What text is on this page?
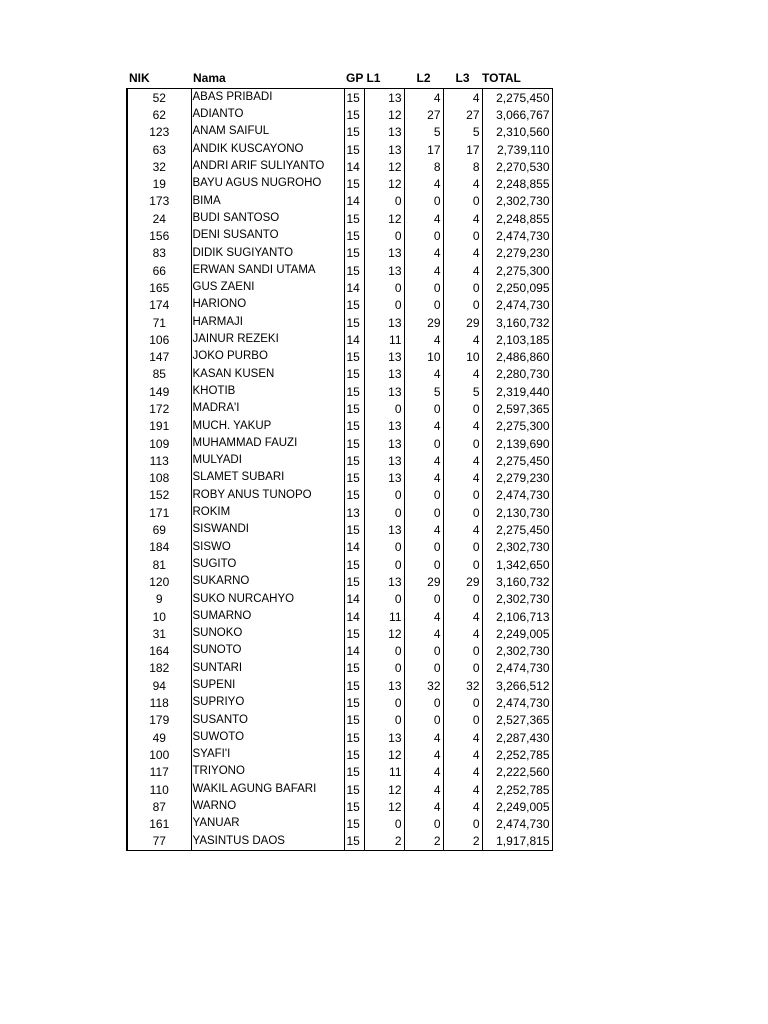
NIK	Nama	GP L1		L2	L3	TOTAL
52	ABAS PRIBADI	15	13	4	4	2,275,450
62	ADIANTO	15	12	27	27	3,066,767
123	ANAM SAIFUL	15	13	5	5	2,310,560
63	ANDIK KUSCAYONO	15	13	17	17	2,739,110
32	ANDRI ARIF SULIYANTO	14	12	8	8	2,270,530
19	BAYU AGUS NUGROHO	15	12	4	4	2,248,855
173	BIMA	14	0	0	0	2,302,730
24	BUDI SANTOSO	15	12	4	4	2,248,855
156	DENI SUSANTO	15	0	0	0	2,474,730
83	DIDIK SUGIYANTO	15	13	4	4	2,279,230
66	ERWAN SANDI UTAMA	15	13	4	4	2,275,300
165	GUS ZAENI	14	0	0	0	2,250,095
174	HARIONO	15	0	0	0	2,474,730
71	HARMAJI	15	13	29	29	3,160,732
106	JAINUR REZEKI	14	11	4	4	2,103,185
147	JOKO PURBO	15	13	10	10	2,486,860
85	KASAN KUSEN	15	13	4	4	2,280,730
149	KHOTIB	15	13	5	5	2,319,440
172	MADRA'I	15	0	0	0	2,597,365
191	MUCH. YAKUP	15	13	4	4	2,275,300
109	MUHAMMAD FAUZI	15	13	0	0	2,139,690
113	MULYADI	15	13	4	4	2,275,450
108	SLAMET SUBARI	15	13	4	4	2,279,230
152	ROBY ANUS TUNOPO	15	0	0	0	2,474,730
171	ROKIM	13	0	0	0	2,130,730
69	SISWANDI	15	13	4	4	2,275,450
184	SISWO	14	0	0	0	2,302,730
81	SUGITO	15	0	0	0	1,342,650
120	SUKARNO	15	13	29	29	3,160,732
9	SUKO NURCAHYO	14	0	0	0	2,302,730
10	SUMARNO	14	11	4	4	2,106,713
31	SUNOKO	15	12	4	4	2,249,005
164	SUNOTO	14	0	0	0	2,302,730
182	SUNTARI	15	0	0	0	2,474,730
94	SUPENI	15	13	32	32	3,266,512
118	SUPRIYO	15	0	0	0	2,474,730
179	SUSANTO	15	0	0	0	2,527,365
49	SUWOTO	15	13	4	4	2,287,430
100	SYAFI'I	15	12	4	4	2,252,785
117	TRIYONO	15	11	4	4	2,222,560
110	WAKIL AGUNG BAFARI	15	12	4	4	2,252,785
87	WARNO	15	12	4	4	2,249,005
161	YANUAR	15	0	0	0	2,474,730
77	YASINTUS DAOS	15	2	2	2	1,917,815
